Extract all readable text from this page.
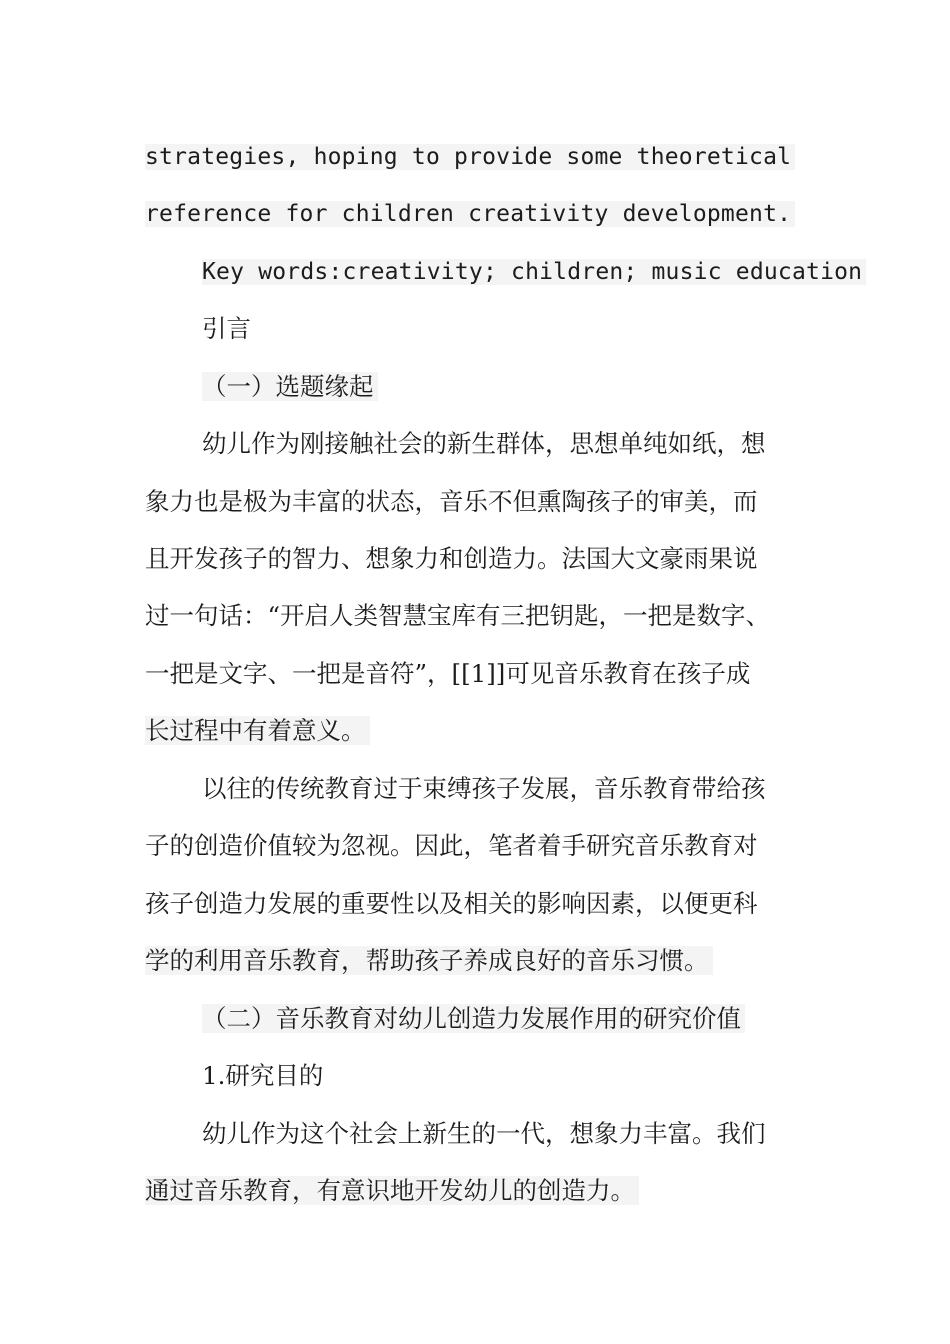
strategies, hoping to provide some theoretical
reference for children creativity development.
Key words:creativity; children; music education
引言
（一）选题缘起
幼儿作为刚接触社会的新生群体，思想单纯如纸，想
象力也是极为丰富的状态，音乐不但熏陶孩子的审美，而
且开发孩子的智力、想象力和创造力。法国大文豪雨果说
过一句话：“开启人类智慧宝库有三把钥匙，一把是数字、
一把是文字、一把是音符”，[[1]]可见音乐教育在孩子成
长过程中有着意义。
以往的传统教育过于束缚孩子发展，音乐教育带给孩
子的创造价值较为忽视。因此，笔者着手研究音乐教育对
孩子创造力发展的重要性以及相关的影响因素，以便更科
学的利用音乐教育，帮助孩子养成良好的音乐习惯。
（二）音乐教育对幼儿创造力发展作用的研究价值
1.研究目的
幼儿作为这个社会上新生的一代，想象力丰富。我们
通过音乐教育，有意识地开发幼儿的创造力。
